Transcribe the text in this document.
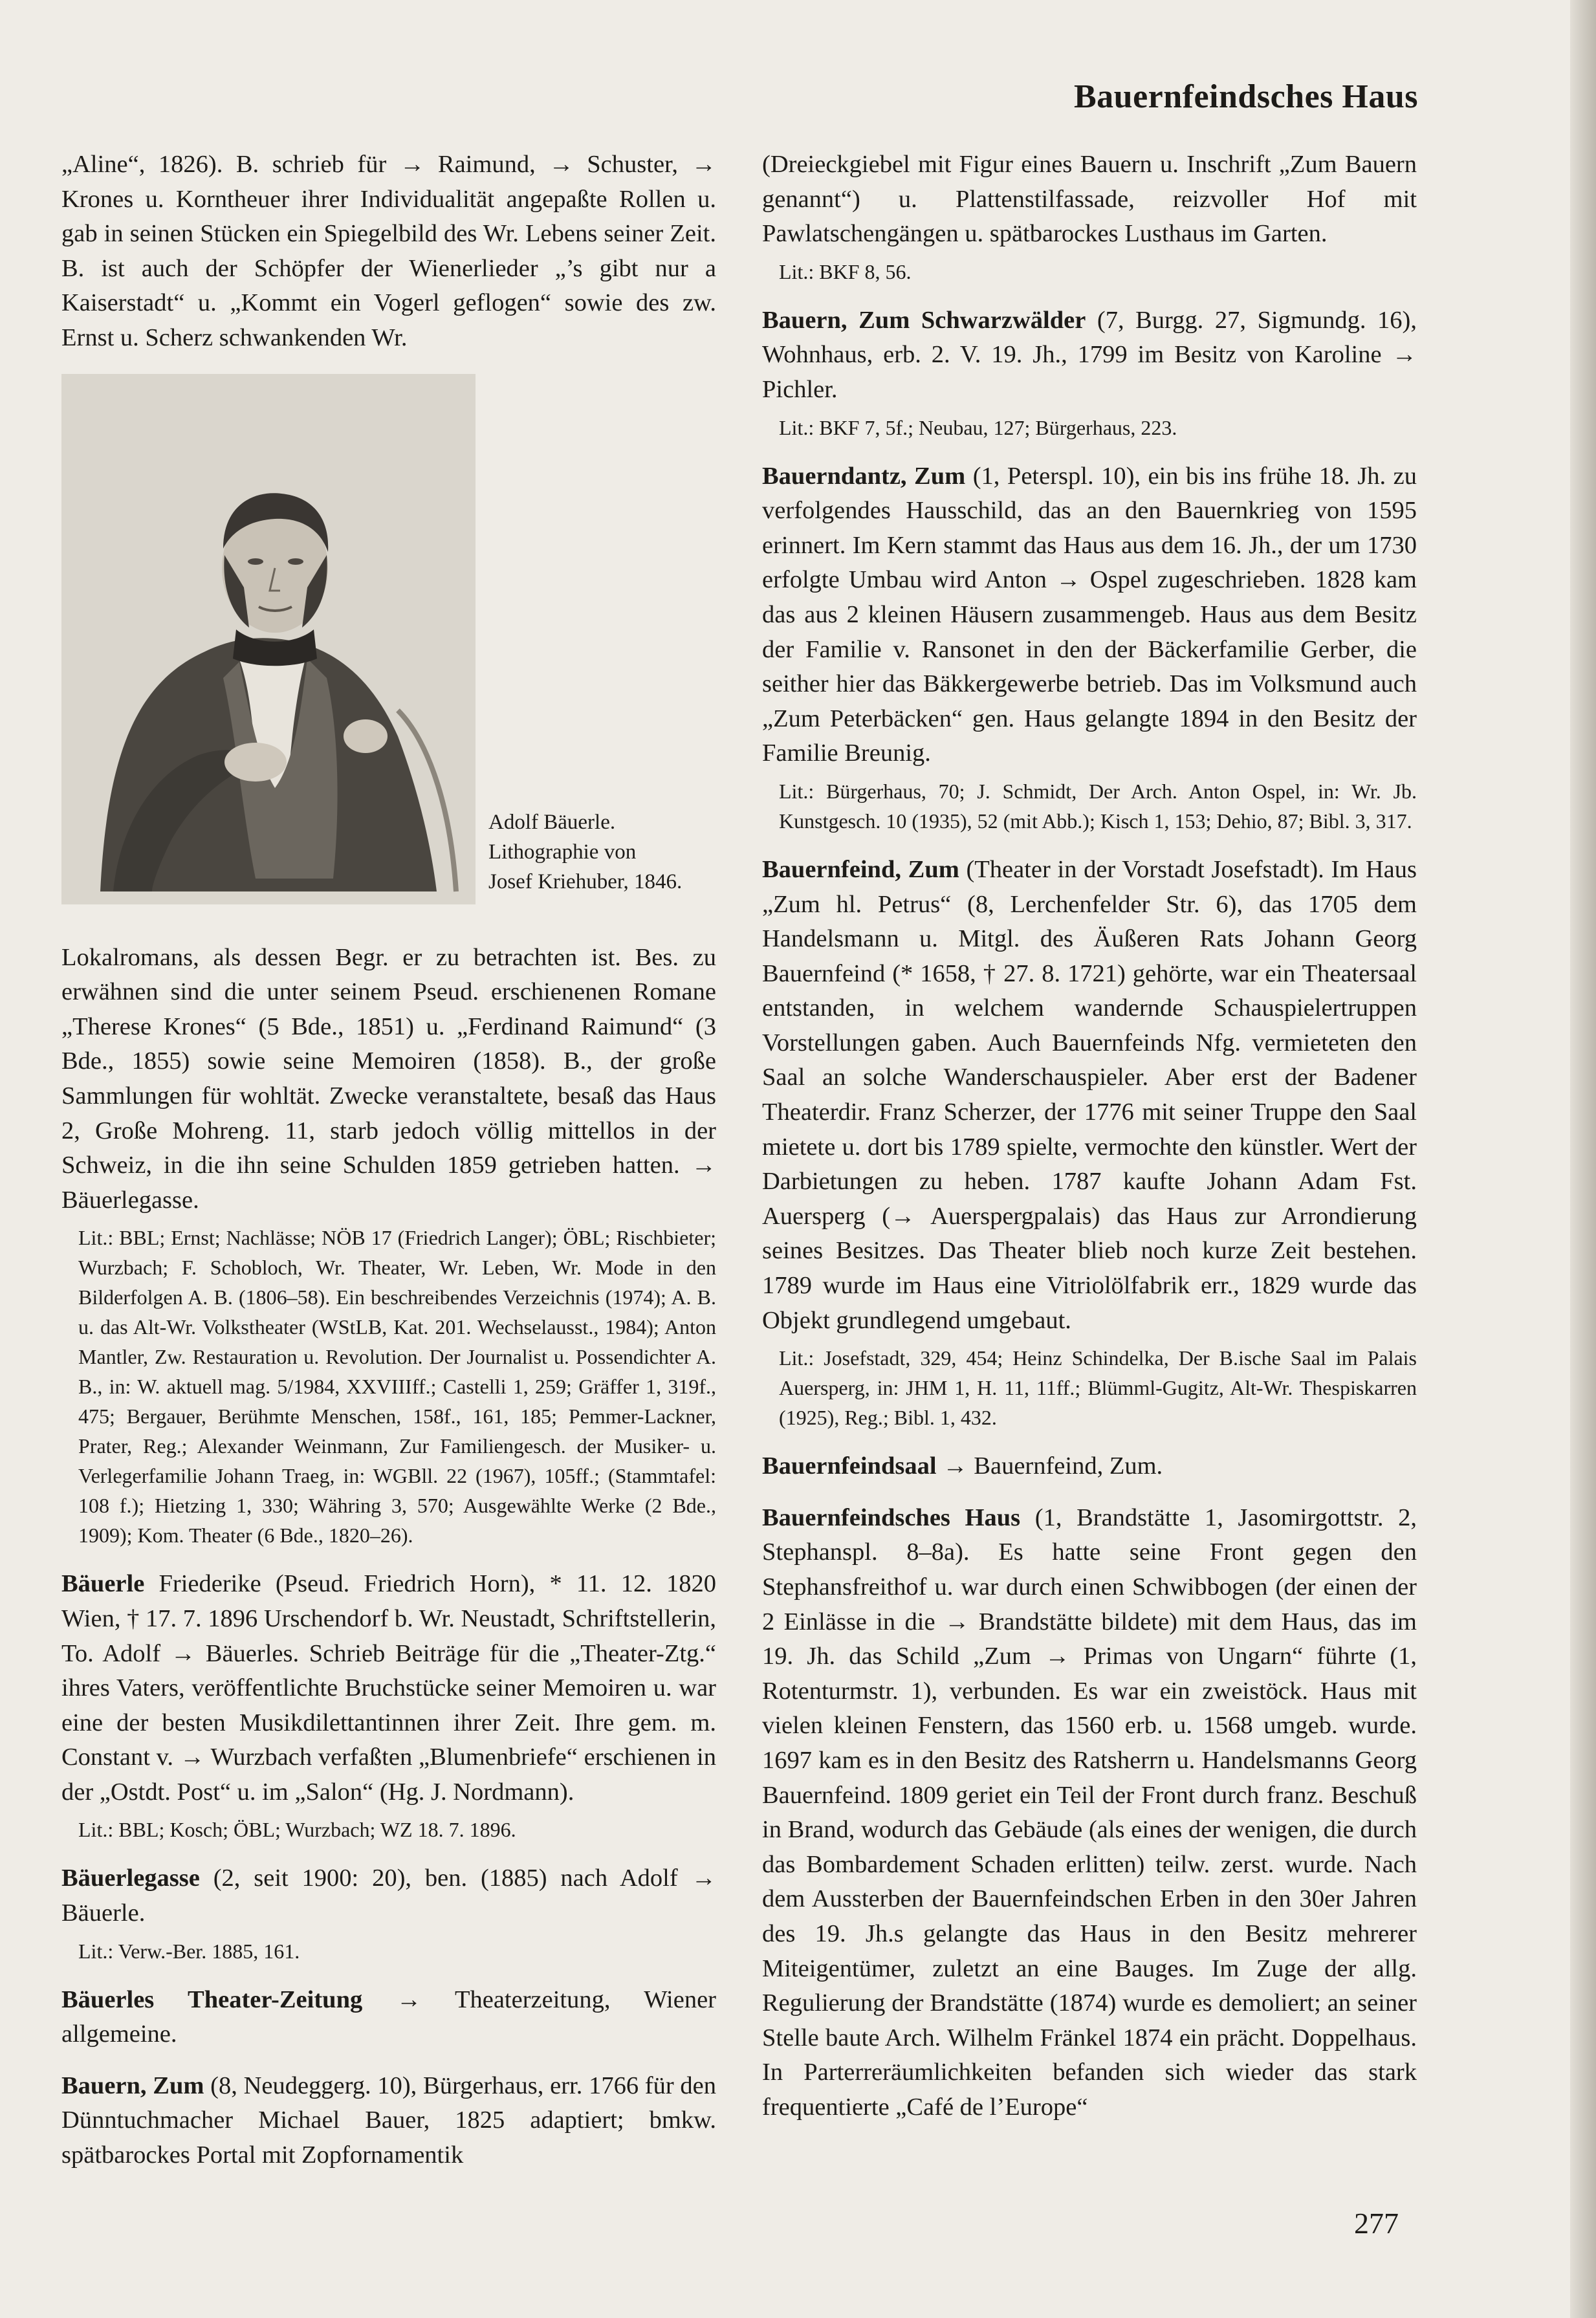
Bauernfeindsches Haus

„Aline“, 1826). B. schrieb für → Raimund, → Schuster, → Krones u. Korntheuer ihrer Individualität angepaßte Rollen u. gab in seinen Stücken ein Spiegelbild des Wr. Lebens seiner Zeit. B. ist auch der Schöpfer der Wienerlieder „’s gibt nur a Kaiserstadt“ u. „Kommt ein Vogerl geflogen“ sowie des zw. Ernst u. Scherz schwankenden Wr.

Adolf Bäuerle.
Lithographie von
Josef Kriehuber, 1846.

Lokalromans, als dessen Begr. er zu betrachten ist. Bes. zu erwähnen sind die unter seinem Pseud. erschienenen Romane „Therese Krones“ (5 Bde., 1851) u. „Ferdinand Raimund“ (3 Bde., 1855) sowie seine Memoiren (1858). B., der große Sammlungen für wohltät. Zwecke veranstaltete, besaß das Haus 2, Große Mohreng. 11, starb jedoch völlig mittellos in der Schweiz, in die ihn seine Schulden 1859 getrieben hatten. → Bäuerlegasse.

Lit.: BBL; Ernst; Nachlässe; NÖB 17 (Friedrich Langer); ÖBL; Rischbieter; Wurzbach; F. Schobloch, Wr. Theater, Wr. Leben, Wr. Mode in den Bilderfolgen A. B. (1806–58). Ein beschreibendes Verzeichnis (1974); A. B. u. das Alt-Wr. Volkstheater (WStLB, Kat. 201. Wechselausst., 1984); Anton Mantler, Zw. Restauration u. Revolution. Der Journalist u. Possendichter A. B., in: W. aktuell mag. 5/1984, XXVIIIff.; Castelli 1, 259; Gräffer 1, 319f., 475; Bergauer, Berühmte Menschen, 158f., 161, 185; Pemmer-Lackner, Prater, Reg.; Alexander Weinmann, Zur Familiengesch. der Musiker- u. Verlegerfamilie Johann Traeg, in: WGBll. 22 (1967), 105ff.; (Stammtafel: 108 f.); Hietzing 1, 330; Währing 3, 570; Ausgewählte Werke (2 Bde., 1909); Kom. Theater (6 Bde., 1820–26).

Bäuerle Friederike (Pseud. Friedrich Horn), * 11. 12. 1820 Wien, † 17. 7. 1896 Urschendorf b. Wr. Neustadt, Schriftstellerin, To. Adolf → Bäuerles. Schrieb Beiträge für die „Theater-Ztg.“ ihres Vaters, veröffentlichte Bruchstücke seiner Memoiren u. war eine der besten Musikdilettantinnen ihrer Zeit. Ihre gem. m. Constant v. → Wurzbach verfaßten „Blumenbriefe“ erschienen in der „Ostdt. Post“ u. im „Salon“ (Hg. J. Nordmann).

Lit.: BBL; Kosch; ÖBL; Wurzbach; WZ 18. 7. 1896.

Bäuerlegasse (2, seit 1900: 20), ben. (1885) nach Adolf → Bäuerle.

Lit.: Verw.-Ber. 1885, 161.

Bäuerles Theater-Zeitung → Theaterzeitung, Wiener allgemeine.

Bauern, Zum (8, Neudeggerg. 10), Bürgerhaus, err. 1766 für den Dünntuchmacher Michael Bauer, 1825 adaptiert; bmkw. spätbarockes Portal mit Zopfornamentik

(Dreieckgiebel mit Figur eines Bauern u. Inschrift „Zum Bauern genannt“) u. Plattenstilfassade, reizvoller Hof mit Pawlatschengängen u. spätbarockes Lusthaus im Garten.

Lit.: BKF 8, 56.

Bauern, Zum Schwarzwälder (7, Burgg. 27, Sigmundg. 16), Wohnhaus, erb. 2. V. 19. Jh., 1799 im Besitz von Karoline → Pichler.

Lit.: BKF 7, 5f.; Neubau, 127; Bürgerhaus, 223.

Bauerndantz, Zum (1, Peterspl. 10), ein bis ins frühe 18. Jh. zu verfolgendes Hausschild, das an den Bauernkrieg von 1595 erinnert. Im Kern stammt das Haus aus dem 16. Jh., der um 1730 erfolgte Umbau wird Anton → Ospel zugeschrieben. 1828 kam das aus 2 kleinen Häusern zusammengeb. Haus aus dem Besitz der Familie v. Ransonet in den der Bäckerfamilie Gerber, die seither hier das Bäkkergewerbe betrieb. Das im Volksmund auch „Zum Peterbäcken“ gen. Haus gelangte 1894 in den Besitz der Familie Breunig.

Lit.: Bürgerhaus, 70; J. Schmidt, Der Arch. Anton Ospel, in: Wr. Jb. Kunstgesch. 10 (1935), 52 (mit Abb.); Kisch 1, 153; Dehio, 87; Bibl. 3, 317.

Bauernfeind, Zum (Theater in der Vorstadt Josefstadt). Im Haus „Zum hl. Petrus“ (8, Lerchenfelder Str. 6), das 1705 dem Handelsmann u. Mitgl. des Äußeren Rats Johann Georg Bauernfeind (* 1658, † 27. 8. 1721) gehörte, war ein Theatersaal entstanden, in welchem wandernde Schauspielertruppen Vorstellungen gaben. Auch Bauernfeinds Nfg. vermieteten den Saal an solche Wanderschauspieler. Aber erst der Badener Theaterdir. Franz Scherzer, der 1776 mit seiner Truppe den Saal mietete u. dort bis 1789 spielte, vermochte den künstler. Wert der Darbietungen zu heben. 1787 kaufte Johann Adam Fst. Auersperg (→ Auerspergpalais) das Haus zur Arrondierung seines Besitzes. Das Theater blieb noch kurze Zeit bestehen. 1789 wurde im Haus eine Vitriolölfabrik err., 1829 wurde das Objekt grundlegend umgebaut.

Lit.: Josefstadt, 329, 454; Heinz Schindelka, Der B.ische Saal im Palais Auersperg, in: JHM 1, H. 11, 11ff.; Blümml-Gugitz, Alt-Wr. Thespiskarren (1925), Reg.; Bibl. 1, 432.

Bauernfeindsaal → Bauernfeind, Zum.

Bauernfeindsches Haus (1, Brandstätte 1, Jasomirgottstr. 2, Stephanspl. 8–8a). Es hatte seine Front gegen den Stephansfreithof u. war durch einen Schwibbogen (der einen der 2 Einlässe in die → Brandstätte bildete) mit dem Haus, das im 19. Jh. das Schild „Zum → Primas von Ungarn“ führte (1, Rotenturmstr. 1), verbunden. Es war ein zweistöck. Haus mit vielen kleinen Fenstern, das 1560 erb. u. 1568 umgeb. wurde. 1697 kam es in den Besitz des Ratsherrn u. Handelsmanns Georg Bauernfeind. 1809 geriet ein Teil der Front durch franz. Beschuß in Brand, wodurch das Gebäude (als eines der wenigen, die durch das Bombardement Schaden erlitten) teilw. zerst. wurde. Nach dem Aussterben der Bauernfeindschen Erben in den 30er Jahren des 19. Jh.s gelangte das Haus in den Besitz mehrerer Miteigentümer, zuletzt an eine Bauges. Im Zuge der allg. Regulierung der Brandstätte (1874) wurde es demoliert; an seiner Stelle baute Arch. Wilhelm Fränkel 1874 ein prächt. Doppelhaus. In Parterreräumlichkeiten befanden sich wieder das stark frequentierte „Café de l’Europe“

277
